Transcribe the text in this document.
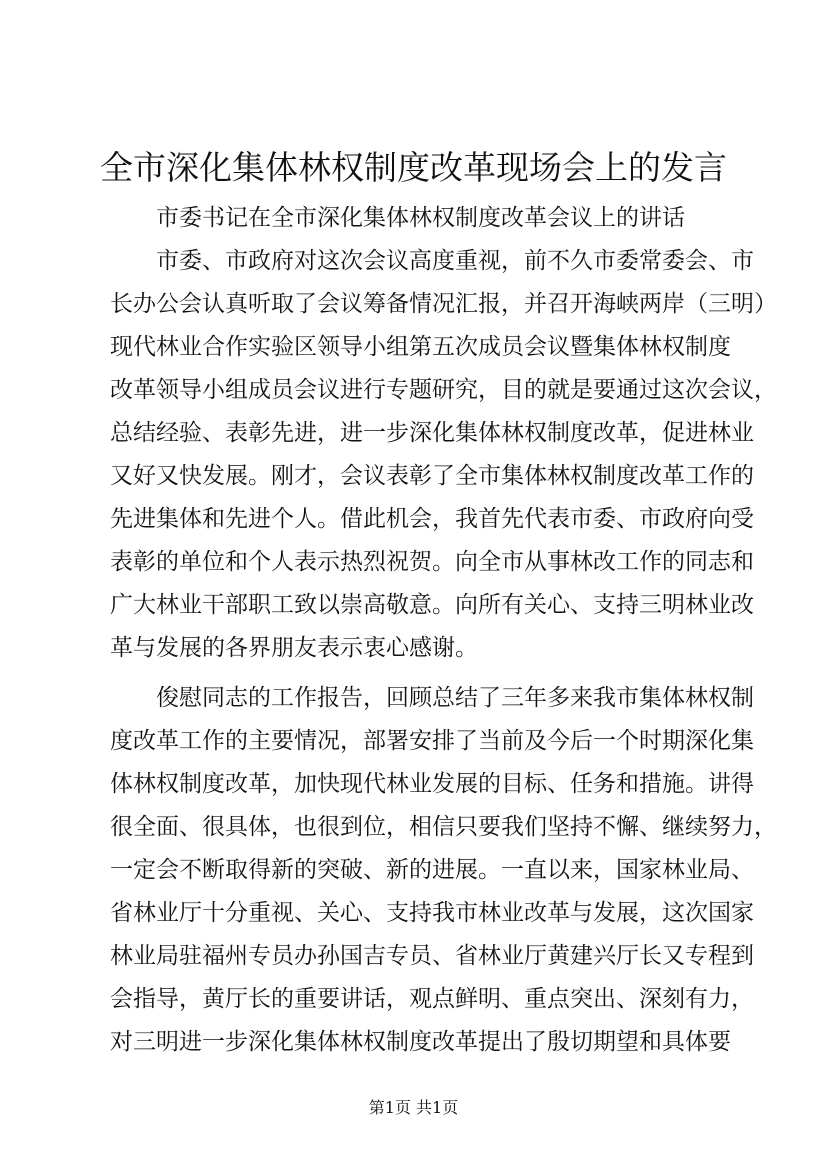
全市深化集体林权制度改革现场会上的发言
市委书记在全市深化集体林权制度改革会议上的讲话
市委、市政府对这次会议高度重视，前不久市委常委会、市
长办公会认真听取了会议筹备情况汇报，并召开海峡两岸（三明）
现代林业合作实验区领导小组第五次成员会议暨集体林权制度
改革领导小组成员会议进行专题研究，目的就是要通过这次会议，
总结经验、表彰先进，进一步深化集体林权制度改革，促进林业
又好又快发展。刚才，会议表彰了全市集体林权制度改革工作的
先进集体和先进个人。借此机会，我首先代表市委、市政府向受
表彰的单位和个人表示热烈祝贺。向全市从事林改工作的同志和
广大林业干部职工致以崇高敬意。向所有关心、支持三明林业改
革与发展的各界朋友表示衷心感谢。
俊慰同志的工作报告，回顾总结了三年多来我市集体林权制
度改革工作的主要情况，部署安排了当前及今后一个时期深化集
体林权制度改革，加快现代林业发展的目标、任务和措施。讲得
很全面、很具体，也很到位，相信只要我们坚持不懈、继续努力，
一定会不断取得新的突破、新的进展。一直以来，国家林业局、
省林业厅十分重视、关心、支持我市林业改革与发展，这次国家
林业局驻福州专员办孙国吉专员、省林业厅黄建兴厅长又专程到
会指导，黄厅长的重要讲话，观点鲜明、重点突出、深刻有力，
对三明进一步深化集体林权制度改革提出了殷切期望和具体要
第1页 共1页
